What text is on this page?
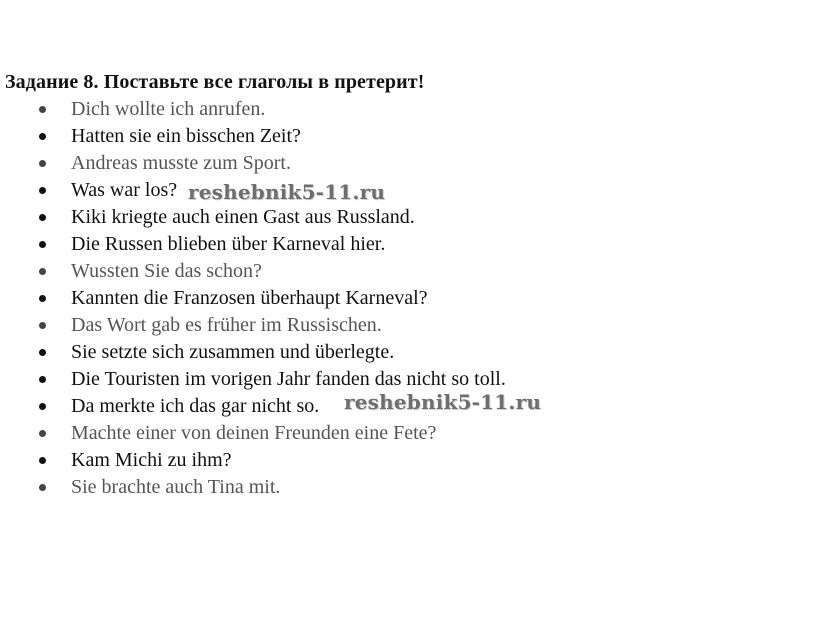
Задание 8. Поставьте все глаголы в претерит!
Dich wollte ich anrufen.
Hatten sie ein bisschen Zeit?
Andreas musste zum Sport.
Was war los?
Kiki kriegte auch einen Gast aus Russland.
Die Russen blieben über Karneval hier.
Wussten Sie das schon?
Kannten die Franzosen überhaupt Karneval?
Das Wort gab es früher im Russischen.
Sie setzte sich zusammen und überlegte.
Die Touristen im vorigen Jahr fanden das nicht so toll.
Da merkte ich das gar nicht so.
Machte einer von deinen Freunden eine Fete?
Kam Michi zu ihm?
Sie brachte auch Tina mit.
reshebnik5-11.ru
reshebnik5-11.ru
